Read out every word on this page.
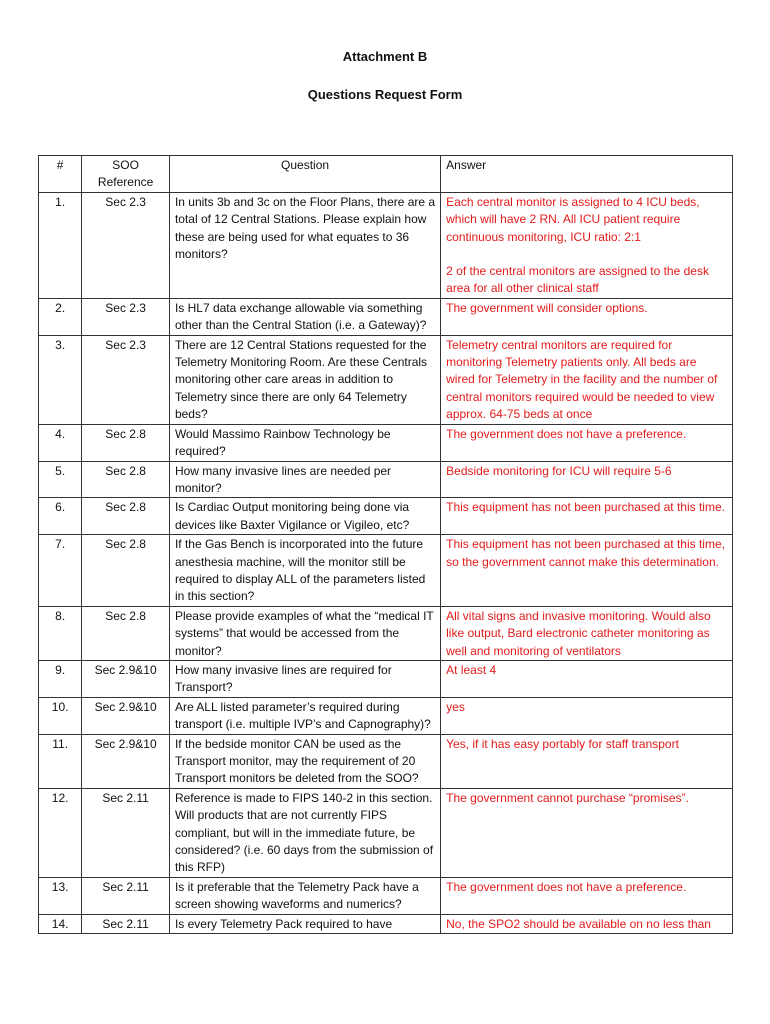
Attachment B
Questions Request Form
#	SOO Reference	Question	Answer
1.	Sec 2.3	In units 3b and 3c on the Floor Plans, there are a total of 12 Central Stations. Please explain how these are being used for what equates to 36 monitors?	Each central monitor is assigned to 4 ICU beds, which will have 2 RN. All ICU patient require continuous monitoring, ICU ratio: 2:1

2 of the central monitors are assigned to the desk area for all other clinical staff

2.	Sec 2.3	Is HL7 data exchange allowable via something other than the Central Station (i.e. a Gateway)?	The government will consider options.

3.	Sec 2.3	There are 12 Central Stations requested for the Telemetry Monitoring Room. Are these Centrals monitoring other care areas in addition to Telemetry since there are only 64 Telemetry beds?	Telemetry central monitors are required for monitoring Telemetry patients only. All beds are wired for Telemetry in the facility and the number of central monitors required would be needed to view approx. 64-75 beds at once

4.	Sec 2.8	Would Massimo Rainbow Technology be required?	The government does not have a preference.

5.	Sec 2.8	How many invasive lines are needed per monitor?	Bedside monitoring for ICU will require 5-6

6.	Sec 2.8	Is Cardiac Output monitoring being done via devices like Baxter Vigilance or Vigileo, etc?	This equipment has not been purchased at this time.

7.	Sec 2.8	If the Gas Bench is incorporated into the future anesthesia machine, will the monitor still be required to display ALL of the parameters listed in this section?	This equipment has not been purchased at this time, so the government cannot make this determination.

8.	Sec 2.8	Please provide examples of what the “medical IT systems” that would be accessed from the monitor?	All vital signs and invasive monitoring. Would also like output, Bard electronic catheter monitoring as well and monitoring of ventilators

9.	Sec 2.9&10	How many invasive lines are required for Transport?	At least 4

10.	Sec 2.9&10	Are ALL listed parameter’s required during transport (i.e. multiple IVP’s and Capnography)?	yes

11.	Sec 2.9&10	If the bedside monitor CAN be used as the Transport monitor, may the requirement of 20 Transport monitors be deleted from the SOO?	Yes, if it has easy portably for staff transport

12.	Sec 2.11	Reference is made to FIPS 140-2 in this section. Will products that are not currently FIPS compliant, but will in the immediate future, be considered? (i.e. 60 days from the submission of this RFP)	The government cannot purchase “promises”.

13.	Sec 2.11	Is it preferable that the Telemetry Pack have a screen showing waveforms and numerics?	The government does not have a preference.

14.	Sec 2.11	Is every Telemetry Pack required to have	No, the SPO2 should be available on no less than
